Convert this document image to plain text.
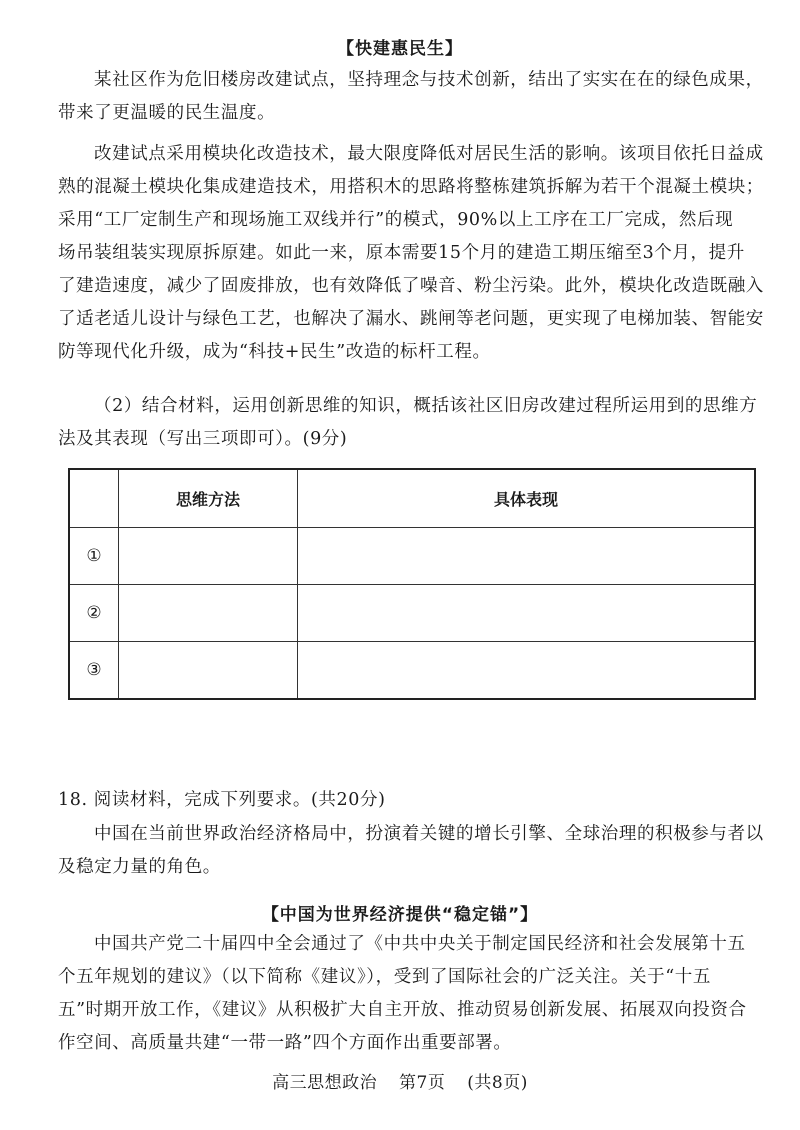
【快建惠民生】

某社区作为危旧楼房改建试点，坚持理念与技术创新，结出了实实在在的绿色成果，
带来了更温暖的民生温度。

改建试点采用模块化改造技术，最大限度降低对居民生活的影响。该项目依托日益成
熟的混凝土模块化集成建造技术，用搭积木的思路将整栋建筑拆解为若干个混凝土模块；
采用“工厂定制生产和现场施工双线并行”的模式，90%以上工序在工厂完成，然后现
场吊装组装实现原拆原建。如此一来，原本需要15个月的建造工期压缩至3个月，提升
了建造速度，减少了固废排放，也有效降低了噪音、粉尘污染。此外，模块化改造既融入
了适老适儿设计与绿色工艺，也解决了漏水、跳闸等老问题，更实现了电梯加装、智能安
防等现代化升级，成为“科技+民生”改造的标杆工程。

（2）结合材料，运用创新思维的知识，概括该社区旧房改建过程所运用到的思维方
法及其表现（写出三项即可）。(9分)

	思维方法	具体表现
①		
②		
③		

18. 阅读材料，完成下列要求。(共20分)

中国在当前世界政治经济格局中，扮演着关键的增长引擎、全球治理的积极参与者以
及稳定力量的角色。

【中国为世界经济提供“稳定锚”】

中国共产党二十届四中全会通过了《中共中央关于制定国民经济和社会发展第十五
个五年规划的建议》（以下简称《建议》），受到了国际社会的广泛关注。关于“十五
五”时期开放工作，《建议》从积极扩大自主开放、推动贸易创新发展、拓展双向投资合
作空间、高质量共建“一带一路”四个方面作出重要部署。

高三思想政治 第7页 (共8页)
